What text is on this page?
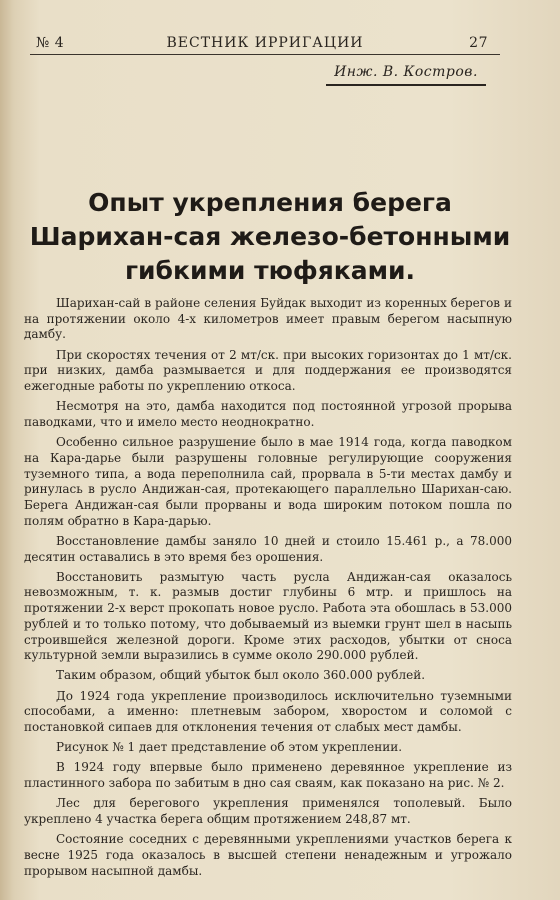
№ 4	ВЕСТНИК ИРРИГАЦИИ	27
Инж. В. Костров.
Опыт укрепления берега
Шарихан-сая железо-бетонными
гибкими тюфяками.

Шарихан-сай в районе селения Буйдак выходит из коренных берегов и на протяжении около 4-х километров имеет правым берегом насыпную дамбу.

При скоростях течения от 2 мт/ск. при высоких горизонтах до 1 мт/ск. при низких, дамба размывается и для поддержания ее производятся ежегодные работы по укреплению откоса.

Несмотря на это, дамба находится под постоянной угрозой прорыва паводками, что и имело место неоднократно.

Особенно сильное разрушение было в мае 1914 года, когда паводком на Кара-дарье были разрушены головные регулирующие сооружения туземного типа, а вода переполнила сай, прорвала в 5-ти местах дамбу и ринулась в русло Андижан-сая, протекающего параллельно Шарихан-саю. Берега Андижан-сая были прорваны и вода широким потоком пошла по полям обратно в Кара-дарью.

Восстановление дамбы заняло 10 дней и стоило 15.461 р., а 78.000 десятин оставались в это время без орошения.

Восстановить размытую часть русла Андижан-сая оказалось невозможным, т. к. размыв достиг глубины 6 мтр. и пришлось на протяжении 2-х верст прокопать новое русло. Работа эта обошлась в 53.000 рублей и то только потому, что добываемый из выемки грунт шел в насыпь строившейся железной дороги. Кроме этих расходов, убытки от сноса культурной земли выразились в сумме около 290.000 рублей.

Таким образом, общий убыток был около 360.000 рублей.

До 1924 года укрепление производилось исключительно туземными способами, а именно: плетневым забором, хворостом и соломой с постановкой сипаев для отклонения течения от слабых мест дамбы.

Рисунок № 1 дает представление об этом укреплении.

В 1924 году впервые было применено деревянное укрепление из пластинного забора по забитым в дно сая сваям, как показано на рис. № 2.

Лес для берегового укрепления применялся тополевый. Было укреплено 4 участка берега общим протяжением 248,87 мт.

Состояние соседних с деревянными укреплениями участков берега к весне 1925 года оказалось в высшей степени ненадежным и угрожало прорывом насыпной дамбы.
